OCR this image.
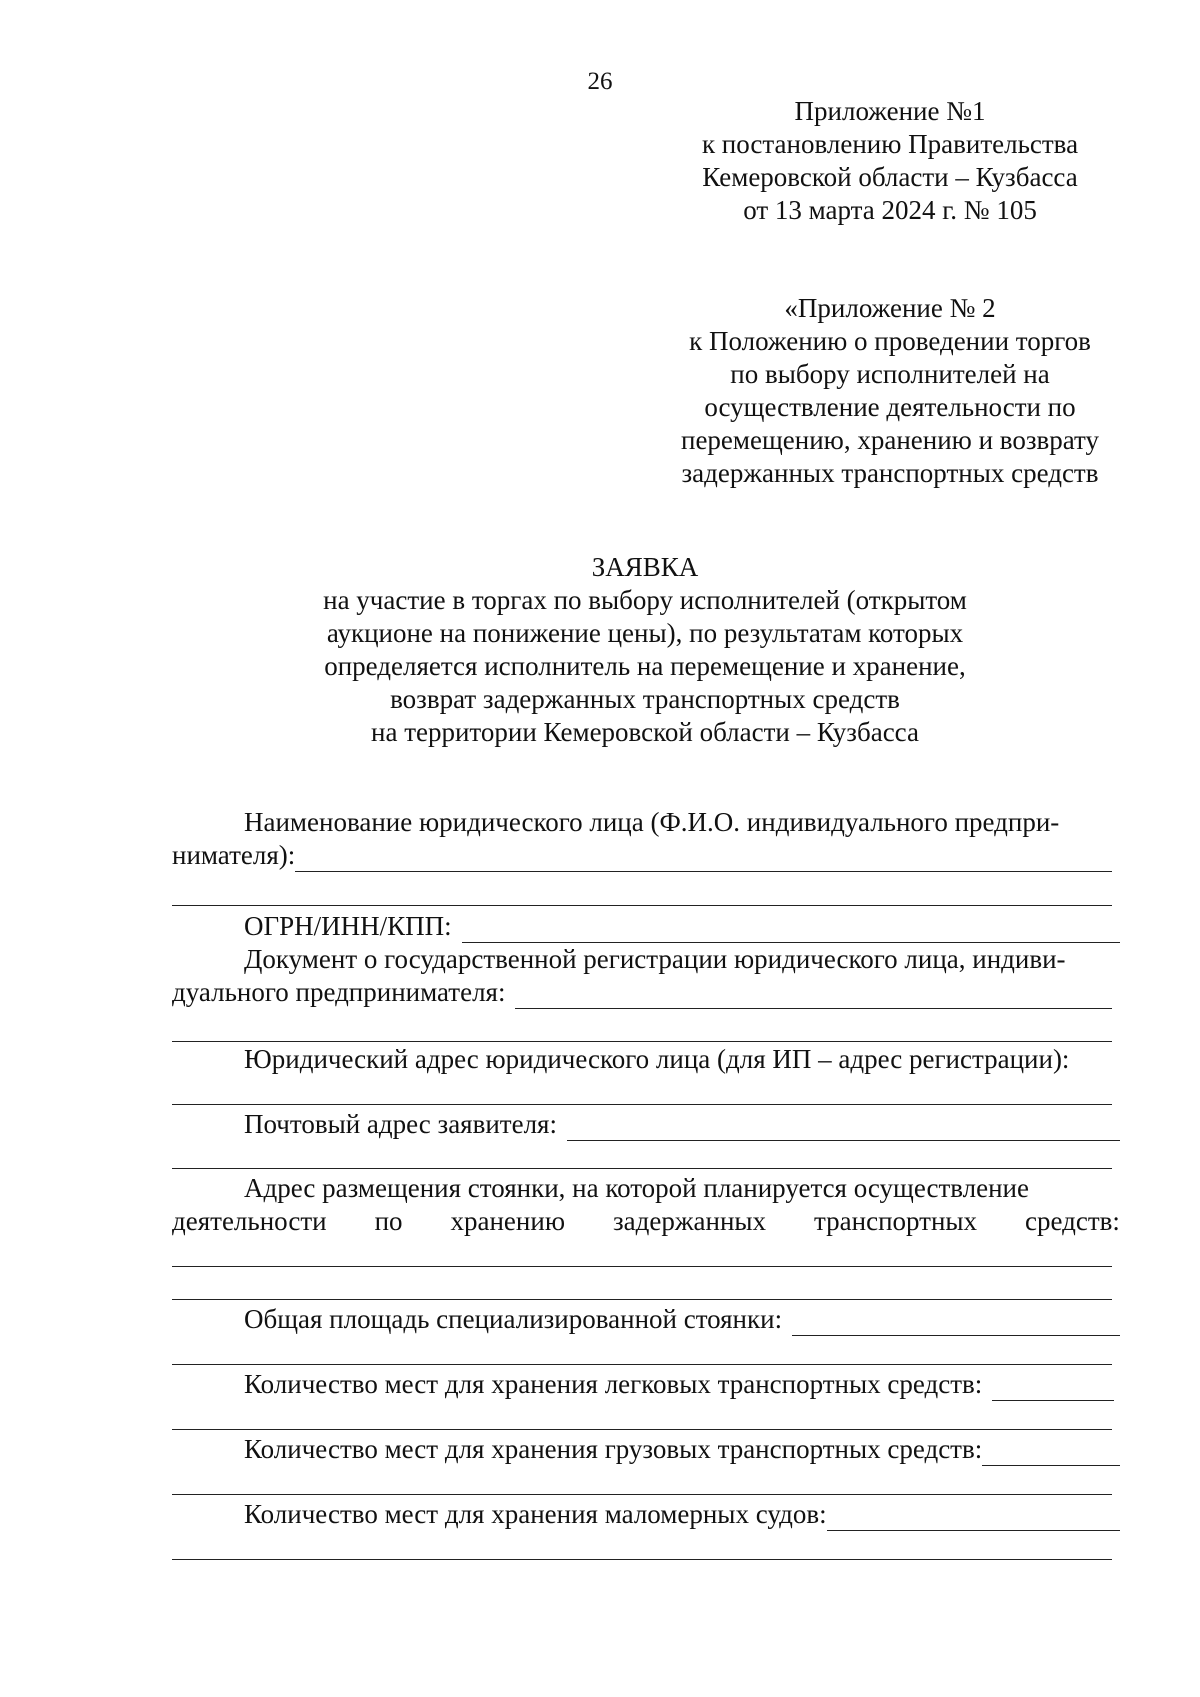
26
Приложение №1
к постановлению Правительства
Кемеровской области – Кузбасса
от 13 марта 2024 г. № 105
«Приложение № 2
к Положению о проведении торгов
по выбору исполнителей на
осуществление деятельности по
перемещению, хранению и возврату
задержанных транспортных средств
ЗАЯВКА
на участие в торгах по выбору исполнителей (открытом
аукционе на понижение цены), по результатам которых
определяется исполнитель на перемещение и хранение,
возврат задержанных транспортных средств
на территории Кемеровской области – Кузбасса
Наименование юридического лица (Ф.И.О. индивидуального предпри-
нимателя):
ОГРН/ИНН/КПП:
Документ о государственной регистрации юридического лица, индиви-
дуального предпринимателя:
Юридический адрес юридического лица (для ИП – адрес регистрации):
Почтовый адрес заявителя:
Адрес размещения стоянки, на которой планируется осуществление
деятельности по хранению задержанных транспортных средств:
Общая площадь специализированной стоянки:
Количество мест для хранения легковых транспортных средств:
Количество мест для хранения грузовых транспортных средств:
Количество мест для хранения маломерных судов:
